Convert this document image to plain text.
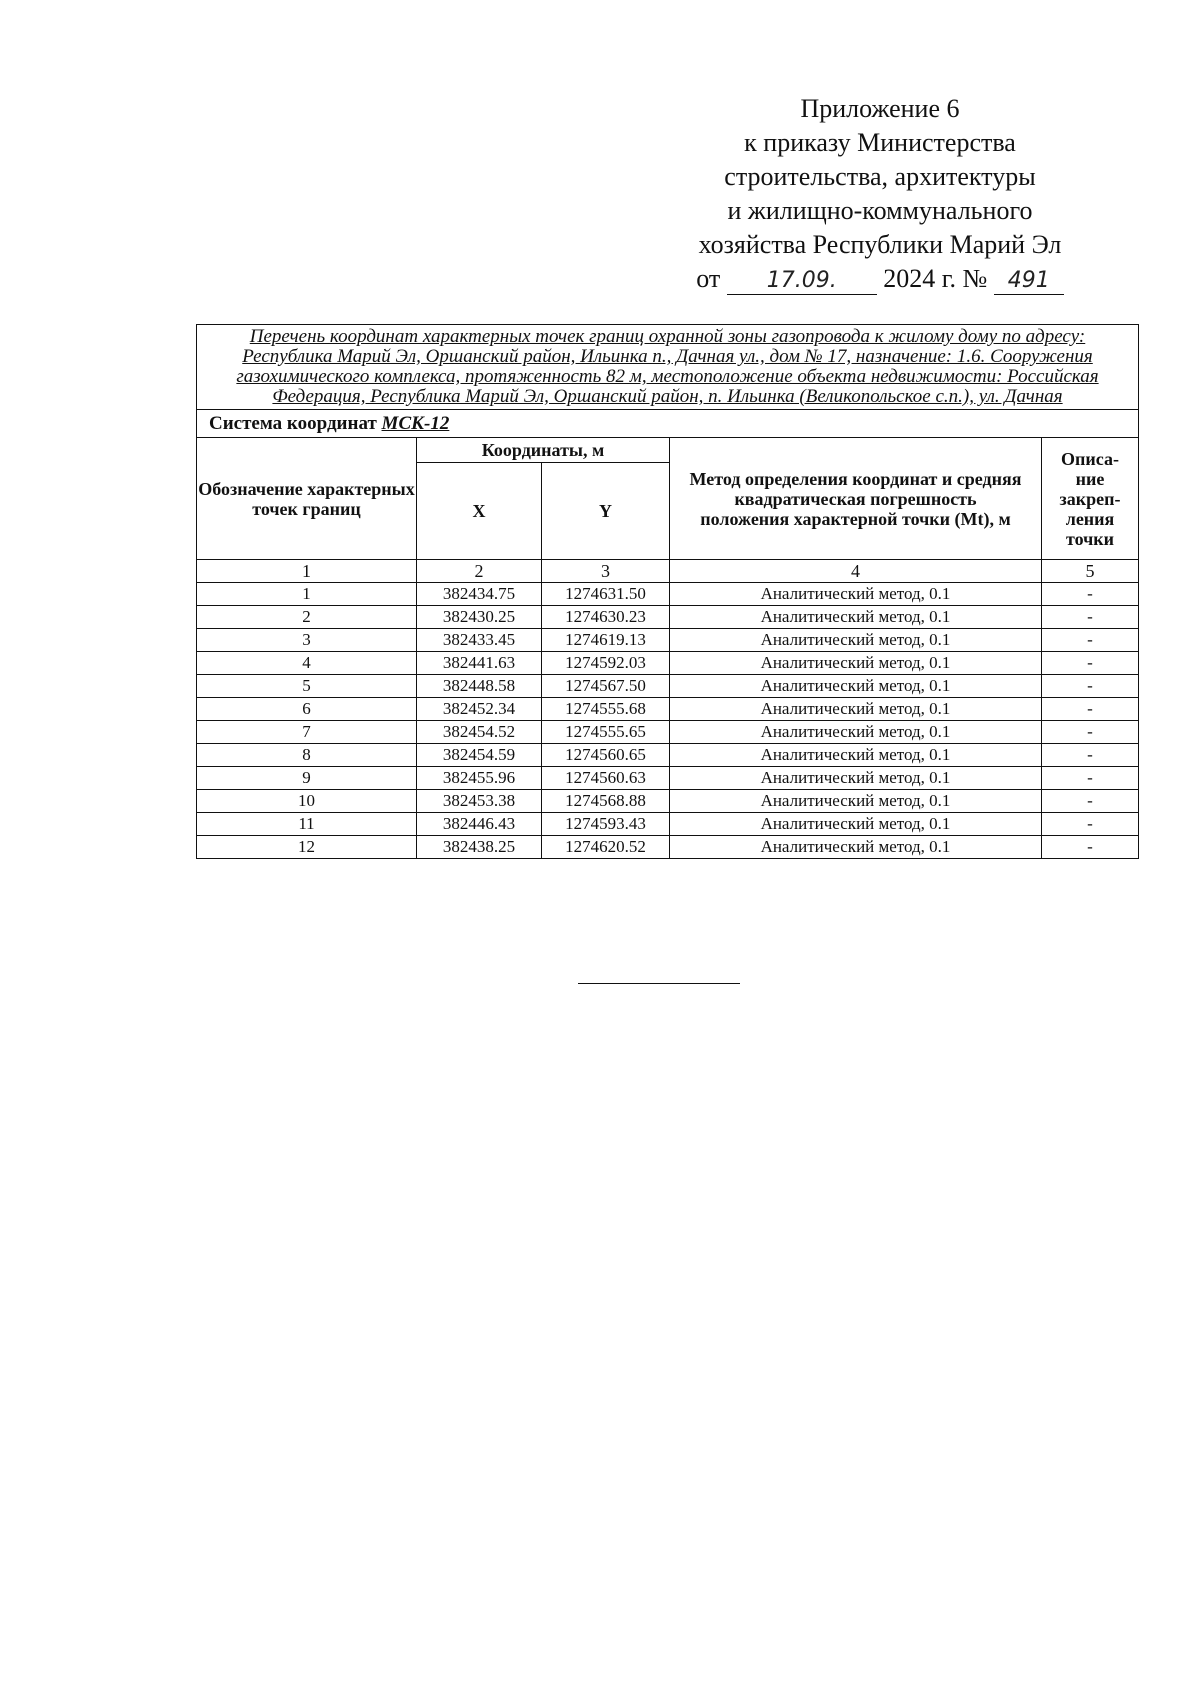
Приложение 6
к приказу Министерства
строительства, архитектуры
и жилищно-коммунального
хозяйства Республики Марий Эл
от 17.09. 2024 г. № 491
Перечень координат характерных точек границ охранной зоны газопровода к жилому дому по адресу: Республика Марий Эл, Оршанский район, Ильинка п., Дачная ул., дом № 17, назначение: 1.6. Сооружения газохимического комплекса, протяженность 82 м, местоположение объекта недвижимости: Российская Федерация, Республика Марий Эл, Оршанский район, п. Ильинка (Великопольское с.п.), ул. Дачная				
Система координат МСК-12				
Обозначение характерных точек границ	Координаты, м		Метод определения координат и средняя квадратическая погрешность положения характерной точки (Mt), м	Описа- ние закреп- ления точки
	X	Y		
1	2	3	4	5
1	382434.75	1274631.50	Аналитический метод, 0.1	-
2	382430.25	1274630.23	Аналитический метод, 0.1	-
3	382433.45	1274619.13	Аналитический метод, 0.1	-
4	382441.63	1274592.03	Аналитический метод, 0.1	-
5	382448.58	1274567.50	Аналитический метод, 0.1	-
6	382452.34	1274555.68	Аналитический метод, 0.1	-
7	382454.52	1274555.65	Аналитический метод, 0.1	-
8	382454.59	1274560.65	Аналитический метод, 0.1	-
9	382455.96	1274560.63	Аналитический метод, 0.1	-
10	382453.38	1274568.88	Аналитический метод, 0.1	-
11	382446.43	1274593.43	Аналитический метод, 0.1	-
12	382438.25	1274620.52	Аналитический метод, 0.1	-
